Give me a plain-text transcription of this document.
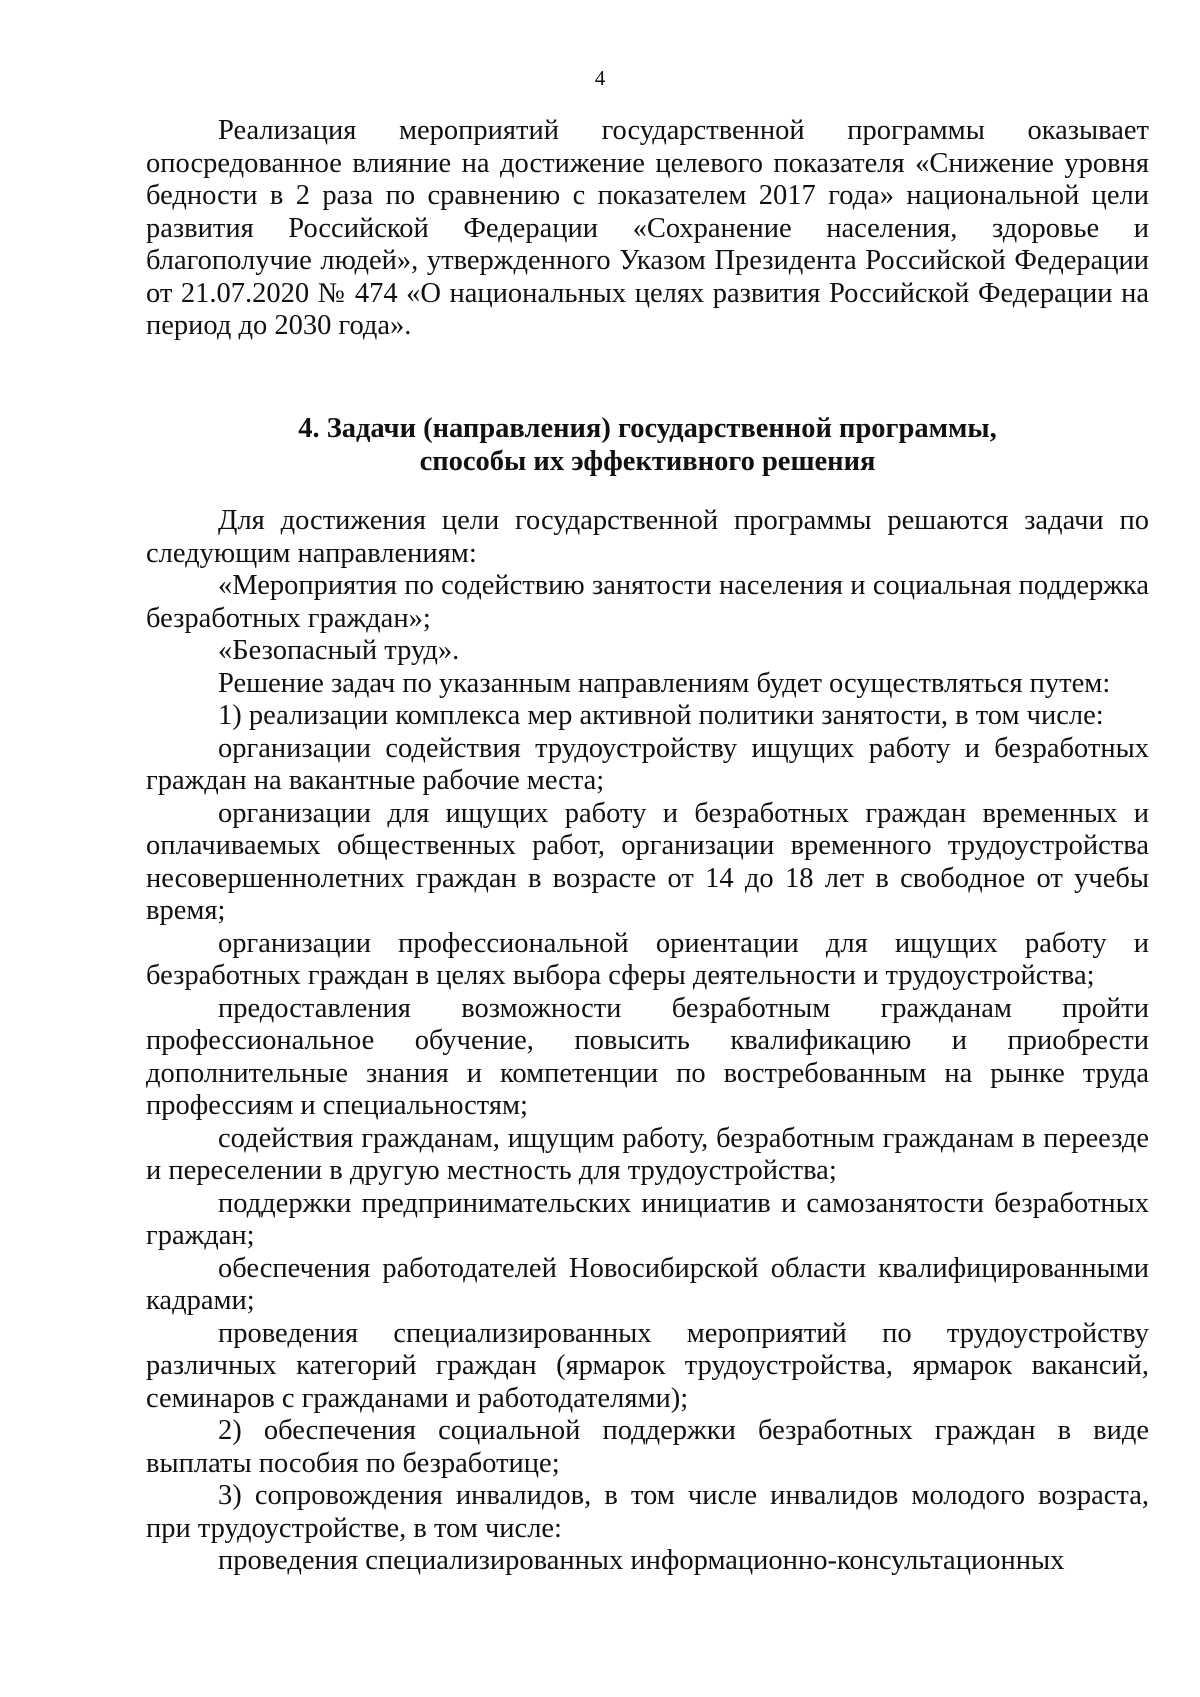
4

Реализация мероприятий государственной программы оказывает опосредованное влияние на достижение целевого показателя «Снижение уровня бедности в 2 раза по сравнению с показателем 2017 года» национальной цели развития Российской Федерации «Сохранение населения, здоровье и благополучие людей», утвержденного Указом Президента Российской Федерации от 21.07.2020 № 474 «О национальных целях развития Российской Федерации на период до 2030 года».

4. Задачи (направления) государственной программы,
способы их эффективного решения

Для достижения цели государственной программы решаются задачи по следующим направлениям:

«Мероприятия по содействию занятости населения и социальная поддержка безработных граждан»;

«Безопасный труд».

Решение задач по указанным направлениям будет осуществляться путем:

1) реализации комплекса мер активной политики занятости, в том числе:

организации содействия трудоустройству ищущих работу и безработных граждан на вакантные рабочие места;

организации для ищущих работу и безработных граждан временных и оплачиваемых общественных работ, организации временного трудоустройства несовершеннолетних граждан в возрасте от 14 до 18 лет в свободное от учебы время;

организации профессиональной ориентации для ищущих работу и безработных граждан в целях выбора сферы деятельности и трудоустройства;

предоставления возможности безработным гражданам пройти профессиональное обучение, повысить квалификацию и приобрести дополнительные знания и компетенции по востребованным на рынке труда профессиям и специальностям;

содействия гражданам, ищущим работу, безработным гражданам в переезде и переселении в другую местность для трудоустройства;

поддержки предпринимательских инициатив и самозанятости безработных граждан;

обеспечения работодателей Новосибирской области квалифицированными кадрами;

проведения специализированных мероприятий по трудоустройству различных категорий граждан (ярмарок трудоустройства, ярмарок вакансий, семинаров с гражданами и работодателями);

2) обеспечения социальной поддержки безработных граждан в виде выплаты пособия по безработице;

3) сопровождения инвалидов, в том числе инвалидов молодого возраста, при трудоустройстве, в том числе:

проведения специализированных информационно-консультационных
